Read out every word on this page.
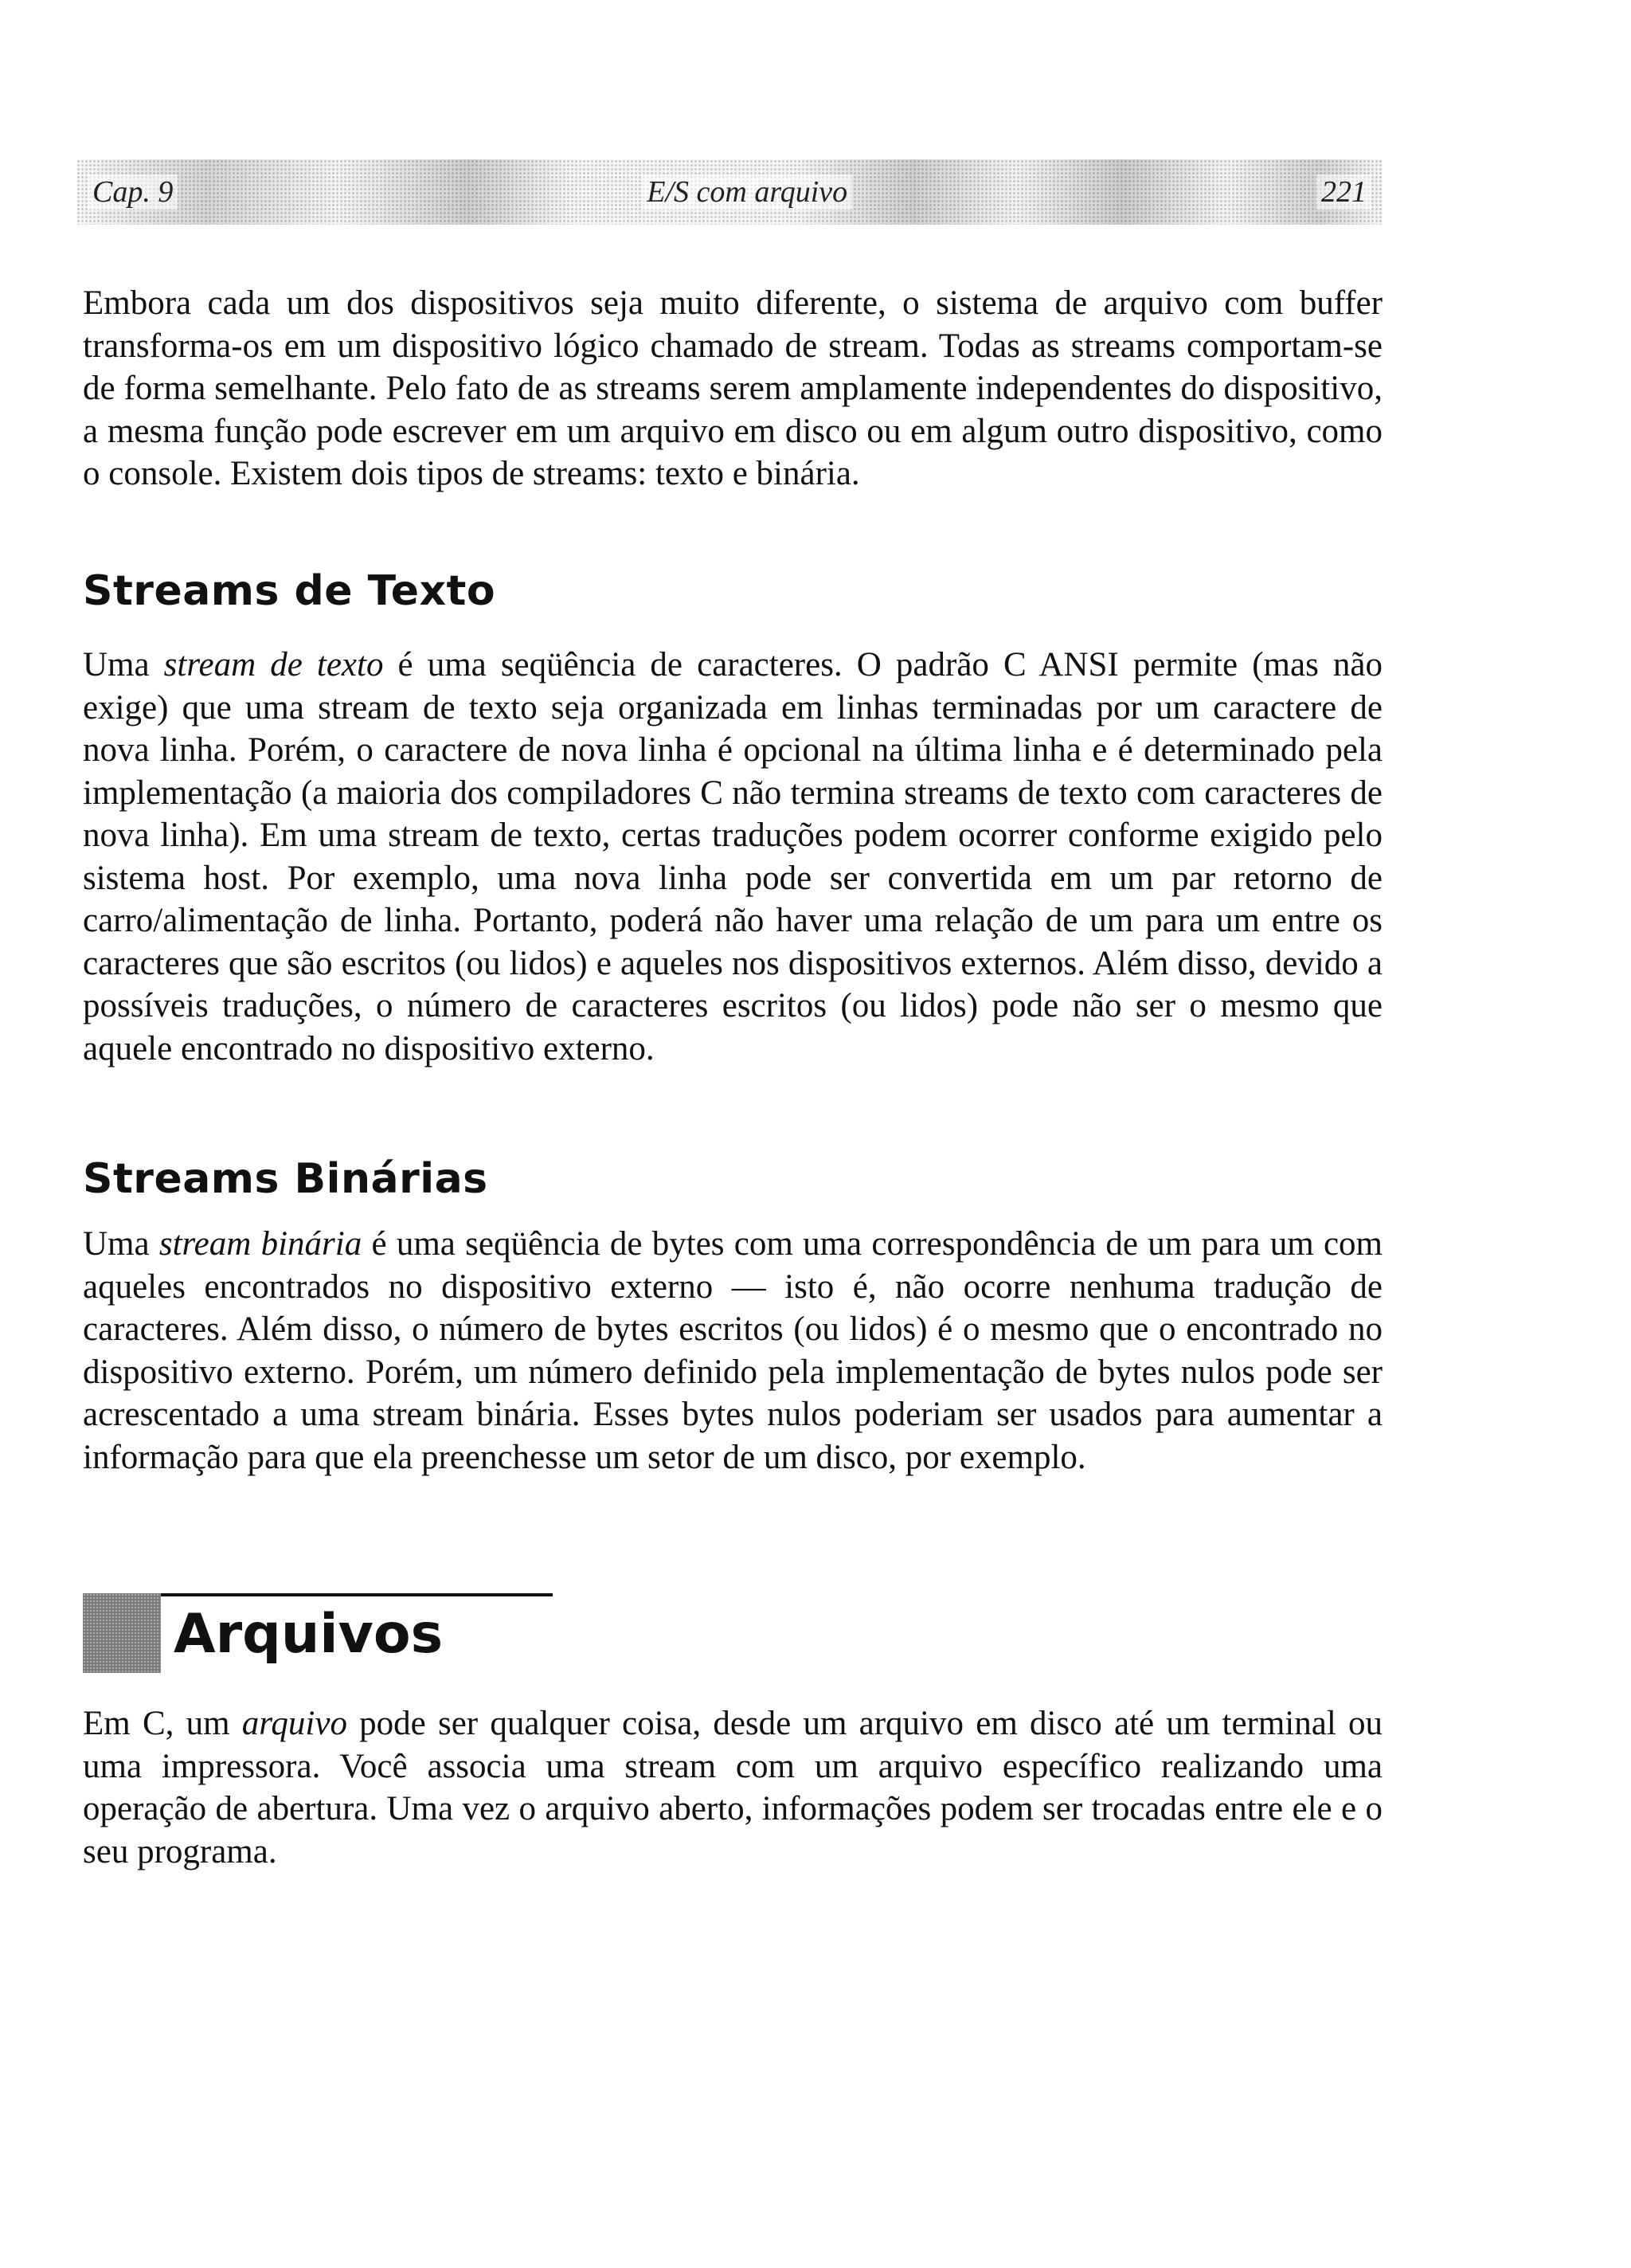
Cap. 9	E/S com arquivo	221

Embora cada um dos dispositivos seja muito diferente, o sistema de arquivo com buffer transforma-os em um dispositivo lógico chamado de stream. Todas as streams comportam-se de forma semelhante. Pelo fato de as streams serem amplamente independentes do dispositivo, a mesma função pode escrever em um arquivo em disco ou em algum outro dispositivo, como o console. Existem dois tipos de streams: texto e binária.

Streams de Texto

Uma stream de texto é uma seqüência de caracteres. O padrão C ANSI permite (mas não exige) que uma stream de texto seja organizada em linhas terminadas por um caractere de nova linha. Porém, o caractere de nova linha é opcional na última linha e é determinado pela implementação (a maioria dos compiladores C não termina streams de texto com caracteres de nova linha). Em uma stream de texto, certas traduções podem ocorrer conforme exigido pelo sistema host. Por exemplo, uma nova linha pode ser convertida em um par retorno de carro/alimentação de linha. Portanto, poderá não haver uma relação de um para um entre os caracteres que são escritos (ou lidos) e aqueles nos dispositivos externos. Além disso, devido a possíveis traduções, o número de caracteres escritos (ou lidos) pode não ser o mesmo que aquele encontrado no dispositivo externo.

Streams Binárias

Uma stream binária é uma seqüência de bytes com uma correspondência de um para um com aqueles encontrados no dispositivo externo — isto é, não ocorre nenhuma tradução de caracteres. Além disso, o número de bytes escritos (ou lidos) é o mesmo que o encontrado no dispositivo externo. Porém, um número definido pela implementação de bytes nulos pode ser acrescentado a uma stream binária. Esses bytes nulos poderiam ser usados para aumentar a informação para que ela preenchesse um setor de um disco, por exemplo.

Arquivos

Em C, um arquivo pode ser qualquer coisa, desde um arquivo em disco até um terminal ou uma impressora. Você associa uma stream com um arquivo específico realizando uma operação de abertura. Uma vez o arquivo aberto, informações podem ser trocadas entre ele e o seu programa.
